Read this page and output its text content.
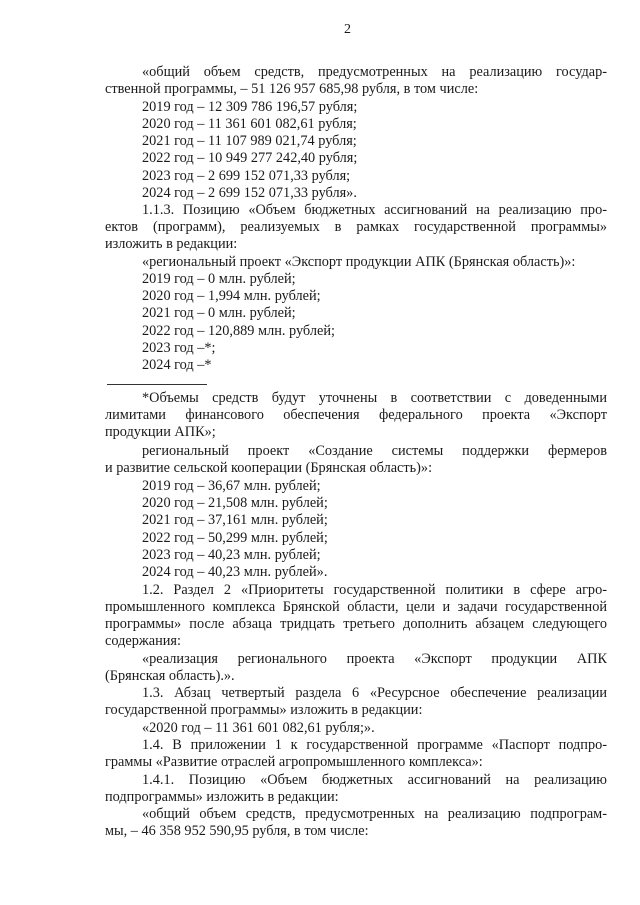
2
«общий объем средств, предусмотренных на реализацию государ-
ственной программы, – 51 126 957 685,98 рубля, в том числе:
2019 год – 12 309 786 196,57 рубля;
2020 год – 11 361 601 082,61 рубля;
2021 год – 11 107 989 021,74 рубля;
2022 год – 10 949 277 242,40 рубля;
2023 год – 2 699 152 071,33 рубля;
2024 год – 2 699 152 071,33 рубля».
1.1.3. Позицию «Объем бюджетных ассигнований на реализацию про-
ектов (программ), реализуемых в рамках государственной программы»
изложить в редакции:
«региональный проект «Экспорт продукции АПК (Брянская область)»:
2019 год – 0 млн. рублей;
2020 год – 1,994 млн. рублей;
2021 год – 0 млн. рублей;
2022 год – 120,889 млн. рублей;
2023 год –*;
2024 год –*
*Объемы средств будут уточнены в соответствии с доведенными
лимитами финансового обеспечения федерального проекта «Экспорт
продукции АПК»;
региональный проект «Создание системы поддержки фермеров
и развитие сельской кооперации (Брянская область)»:
2019 год – 36,67 млн. рублей;
2020 год – 21,508 млн. рублей;
2021 год – 37,161 млн. рублей;
2022 год – 50,299 млн. рублей;
2023 год – 40,23 млн. рублей;
2024 год – 40,23 млн. рублей».
1.2. Раздел 2 «Приоритеты государственной политики в сфере агро-
промышленного комплекса Брянской области, цели и задачи государственной
программы» после абзаца тридцать третьего дополнить абзацем следующего
содержания:
«реализация регионального проекта «Экспорт продукции АПК
(Брянская область).».
1.3. Абзац четвертый раздела 6 «Ресурсное обеспечение реализации
государственной программы» изложить в редакции:
«2020 год – 11 361 601 082,61 рубля;».
1.4. В приложении 1 к государственной программе «Паспорт подпро-
граммы «Развитие отраслей агропромышленного комплекса»:
1.4.1. Позицию «Объем бюджетных ассигнований на реализацию
подпрограммы» изложить в редакции:
«общий объем средств, предусмотренных на реализацию подпрограм-
мы, – 46 358 952 590,95 рубля, в том числе:
